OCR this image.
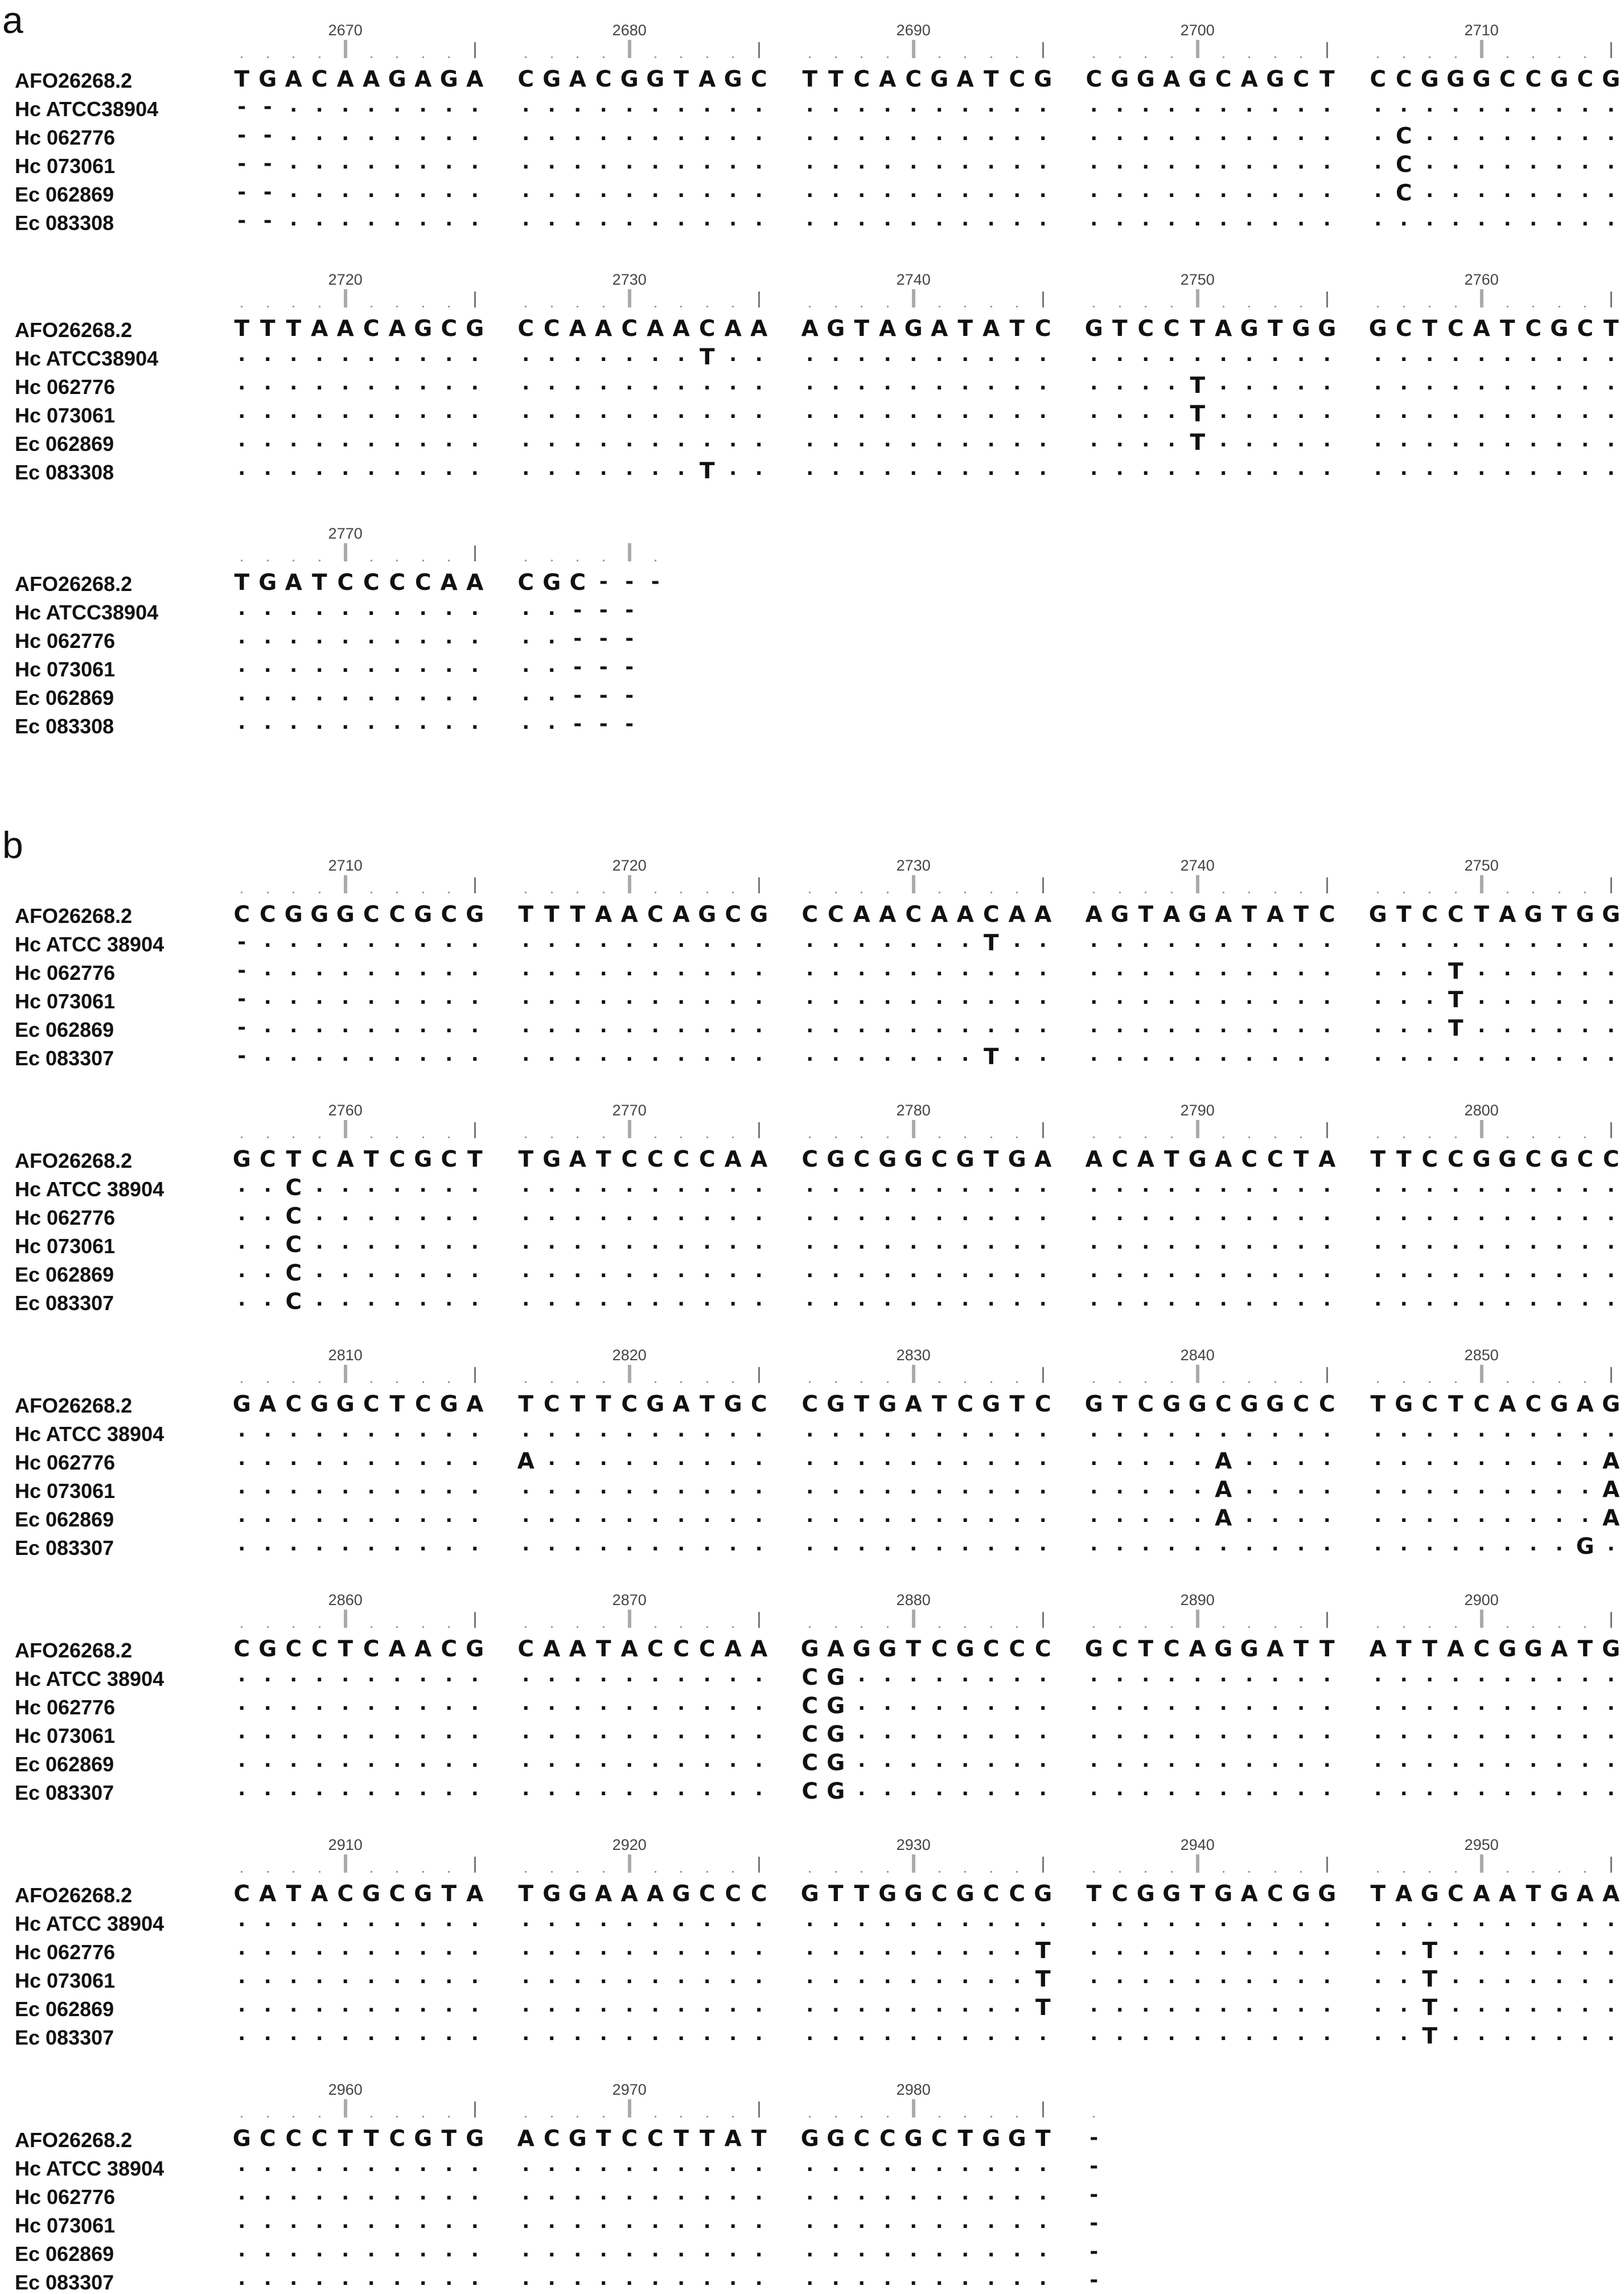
a	2670	2680	2690	2700	2710
AFO26268.2	T G A C A A G A G A C G A C G G T A G C T T C A C G A T C G C G G A G C A G C T C C G G G C C G C G
Hc ATCC38904	- - . . . . . . . .	. . . . . . . . . .	. . . . . . . . . .	. . . . . . . . . .	. . . . . . . . . .
Hc 062776	- - . . . . . . . .	. . . . . . . . . .	. . . . . . . . . .	. . . . . . . . . .	. C . . . . . . . .
Hc 073061	- - . . . . . . . .	. . . . . . . . . .	. . . . . . . . . .	. . . . . . . . . .	. C . . . . . . . .
Ec 062869	- - . . . . . . . .	. . . . . . . . . .	. . . . . . . . . .	. . . . . . . . . .	. C . . . . . . . .
Ec 083308	- - . . . . . . . .	. . . . . . . . . .	. . . . . . . . . .	. . . . . . . . . .	. . . . . . . . . .
2720	2730	2740	2750	2760
AFO26268.2	T T T A A C A G C G C C A A C A A C A A A G T A G A T A T C G T C C T A G T G G G C T C A T C G C T
Hc ATCC38904	. . . . . . . . . .	. . . . . . . T . .	. . . . . . . . . .	. . . . . . . . . .	. . . . . . . . . .
Hc 062776	. . . . . . . . . .	. . . . . . . . . .	. . . . . . . . . .	. . . . T . . . . .	. . . . . . . . . .
Hc 073061	. . . . . . . . . .	. . . . . . . . . .	. . . . . . . . . .	. . . . T . . . . .	. . . . . . . . . .
Ec 062869	. . . . . . . . . .	. . . . . . . . . .	. . . . . . . . . .	. . . . T . . . . .	. . . . . . . . . .
Ec 083308	. . . . . . . . . .	. . . . . . . T . .	. . . . . . . . . .	. . . . . . . . . .	. . . . . . . . . .
2770
AFO26268.2	T G A T C C C C A A C G C - - -
Hc ATCC38904	. . . . . . . . . .	. . - - -
Hc 062776	. . . . . . . . . .	. . - - -
Hc 073061	. . . . . . . . . .	. . - - -
Ec 062869	. . . . . . . . . .	. . - - -
Ec 083308	. . . . . . . . . .	. . - - -
b	2710	2720	2730	2740	2750
AFO26268.2	C C G G G C C G C G T T T A A C A G C G C C A A C A A C A A A G T A G A T A T C G T C C T A G T G G
Hc ATCC 38904	- . . . . . . . . .	. . . . . . . . . .	. . . . . . . T . .	. . . . . . . . . .	. . . . . . . . . .
Hc 062776	- . . . . . . . . .	. . . . . . . . . .	. . . . . . . . . .	. . . . . . . . . .	. . . T . . . . . .
Hc 073061	- . . . . . . . . .	. . . . . . . . . .	. . . . . . . . . .	. . . . . . . . . .	. . . T . . . . . .
Ec 062869	- . . . . . . . . .	. . . . . . . . . .	. . . . . . . . . .	. . . . . . . . . .	. . . T . . . . . .
Ec 083307	- . . . . . . . . .	. . . . . . . . . .	. . . . . . . T . .	. . . . . . . . . .	. . . . . . . . . .
2760	2770	2780	2790	2800
AFO26268.2	G C T C A T C G C T T G A T C C C C A A C G C G G C G T G A A C A T G A C C T A T T C C G G C G C C
Hc ATCC 38904	. . C . . . . . . .	. . . . . . . . . .	. . . . . . . . . .	. . . . . . . . . .	. . . . . . . . . .
Hc 062776	. . C . . . . . . .	. . . . . . . . . .	. . . . . . . . . .	. . . . . . . . . .	. . . . . . . . . .
Hc 073061	. . C . . . . . . .	. . . . . . . . . .	. . . . . . . . . .	. . . . . . . . . .	. . . . . . . . . .
Ec 062869	. . C . . . . . . .	. . . . . . . . . .	. . . . . . . . . .	. . . . . . . . . .	. . . . . . . . . .
Ec 083307	. . C . . . . . . .	. . . . . . . . . .	. . . . . . . . . .	. . . . . . . . . .	. . . . . . . . . .
2810	2820	2830	2840	2850
AFO26268.2	G A C G G C T C G A T C T T C G A T G C C G T G A T C G T C G T C G G C G G C C T G C T C A C G A G
Hc ATCC 38904	. . . . . . . . . .	. . . . . . . . . .	. . . . . . . . . .	. . . . . . . . . .	. . . . . . . . . .
Hc 062776	. . . . . . . . . .	A . . . . . . . . .	. . . . . . . . . .	. . . . . A . . . .	. . . . . . . . . A
Hc 073061	. . . . . . . . . .	. . . . . . . . . .	. . . . . . . . . .	. . . . . A . . . .	. . . . . . . . . A
Ec 062869	. . . . . . . . . .	. . . . . . . . . .	. . . . . . . . . .	. . . . . A . . . .	. . . . . . . . . A
Ec 083307	. . . . . . . . . .	. . . . . . . . . .	. . . . . . . . . .	. . . . . . . . . .	. . . . . . . . G .
2860	2870	2880	2890	2900
AFO26268.2	C G C C T C A A C G C A A T A C C C A A G A G G T C G C C C G C T C A G G A T T A T T A C G G A T G
Hc ATCC 38904	. . . . . . . . . .	. . . . . . . . . .	C G . . . . . . . .	. . . . . . . . . .	. . . . . . . . . .
Hc 062776	. . . . . . . . . .	. . . . . . . . . .	C G . . . . . . . .	. . . . . . . . . .	. . . . . . . . . .
Hc 073061	. . . . . . . . . .	. . . . . . . . . .	C G . . . . . . . .	. . . . . . . . . .	. . . . . . . . . .
Ec 062869	. . . . . . . . . .	. . . . . . . . . .	C G . . . . . . . .	. . . . . . . . . .	. . . . . . . . . .
Ec 083307	. . . . . . . . . .	. . . . . . . . . .	C G . . . . . . . .	. . . . . . . . . .	. . . . . . . . . .
2910	2920	2930	2940	2950
AFO26268.2	C A T A C G C G T A T G G A A A G C C C G T T G G C G C C G T C G G T G A C G G T A G C A A T G A A
Hc ATCC 38904	. . . . . . . . . .	. . . . . . . . . .	. . . . . . . . . .	. . . . . . . . . .	. . . . . . . . . .
Hc 062776	. . . . . . . . . .	. . . . . . . . . .	. . . . . . . . . T	. . . . . . . . . .	. . T . . . . . . .
Hc 073061	. . . . . . . . . .	. . . . . . . . . .	. . . . . . . . . T	. . . . . . . . . .	. . T . . . . . . .
Ec 062869	. . . . . . . . . .	. . . . . . . . . .	. . . . . . . . . T	. . . . . . . . . .	. . T . . . . . . .
Ec 083307	. . . . . . . . . .	. . . . . . . . . .	. . . . . . . . . .	. . . . . . . . . .	. . T . . . . . . .
2960	2970	2980
AFO26268.2	G C C C T T C G T G A C G T C C T T A T G G C C G C T G G T	-
Hc ATCC 38904	. . . . . . . . . .	. . . . . . . . . .	. . . . . . . . . .	-
Hc 062776	. . . . . . . . . .	. . . . . . . . . .	. . . . . . . . . .	-
Hc 073061	. . . . . . . . . .	. . . . . . . . . .	. . . . . . . . . .	-
Ec 062869	. . . . . . . . . .	. . . . . . . . . .	. . . . . . . . . .	-
Ec 083307	. . . . . . . . . .	. . . . . . . . . .	. . . . . . . . . .	-
